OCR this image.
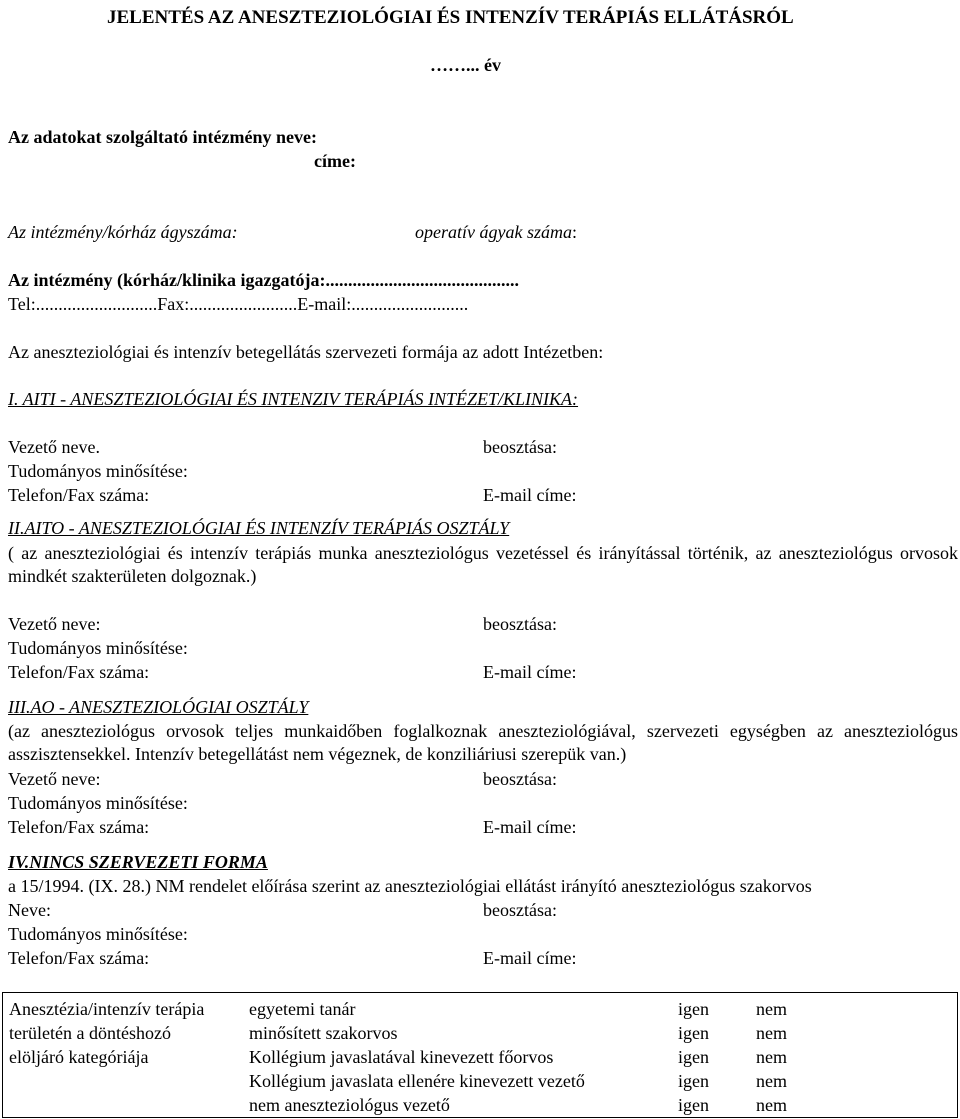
JELENTÉS AZ ANESZTEZIOLÓGIAI ÉS INTENZÍV TERÁPIÁS ELLÁTÁSRÓL
……... év
Az adatokat szolgáltató intézmény neve:
címe:
Az intézmény/kórház ágyszáma:	operatív ágyak száma:
Az intézmény (kórház/klinika igazgatója:...........................................
Tel:...........................Fax:........................E-mail:..........................
Az aneszteziológiai és intenzív betegellátás szervezeti formája az adott Intézetben:
I. AITI - ANESZTEZIOLÓGIAI ÉS INTENZIV TERÁPIÁS INTÉZET/KLINIKA:
Vezető neve.	beosztása:
Tudományos minősítése:
Telefon/Fax száma:	E-mail címe:
II.AITO - ANESZTEZIOLÓGIAI ÉS INTENZÍV TERÁPIÁS OSZTÁLY
( az aneszteziológiai és intenzív terápiás munka aneszteziológus vezetéssel és irányítással történik, az aneszteziológus orvosok mindkét szakterületen dolgoznak.)
Vezető neve:	beosztása:
Tudományos minősítése:
Telefon/Fax száma:	E-mail címe:
III.AO - ANESZTEZIOLÓGIAI OSZTÁLY
(az aneszteziológus orvosok teljes munkaidőben foglalkoznak aneszteziológiával, szervezeti egységben az aneszteziológus asszisztensekkel. Intenzív betegellátást nem végeznek, de konziliáriusi szerepük van.)
Vezető neve:	beosztása:
Tudományos minősítése:
Telefon/Fax száma:	E-mail címe:
IV.NINCS SZERVEZETI FORMA
a 15/1994. (IX. 28.) NM rendelet előírása szerint az aneszteziológiai ellátást irányító aneszteziológus szakorvos
Neve:	beosztása:
Tudományos minősítése:
Telefon/Fax száma:	E-mail címe:
Anesztézia/intenzív terápia
területén a döntéshozó
elöljáró kategóriája
egyetemi tanár	igen	nem
minősített szakorvos	igen	nem
Kollégium javaslatával kinevezett főorvos	igen	nem
Kollégium javaslata ellenére kinevezett vezető	igen	nem
nem aneszteziológus vezető	igen	nem
